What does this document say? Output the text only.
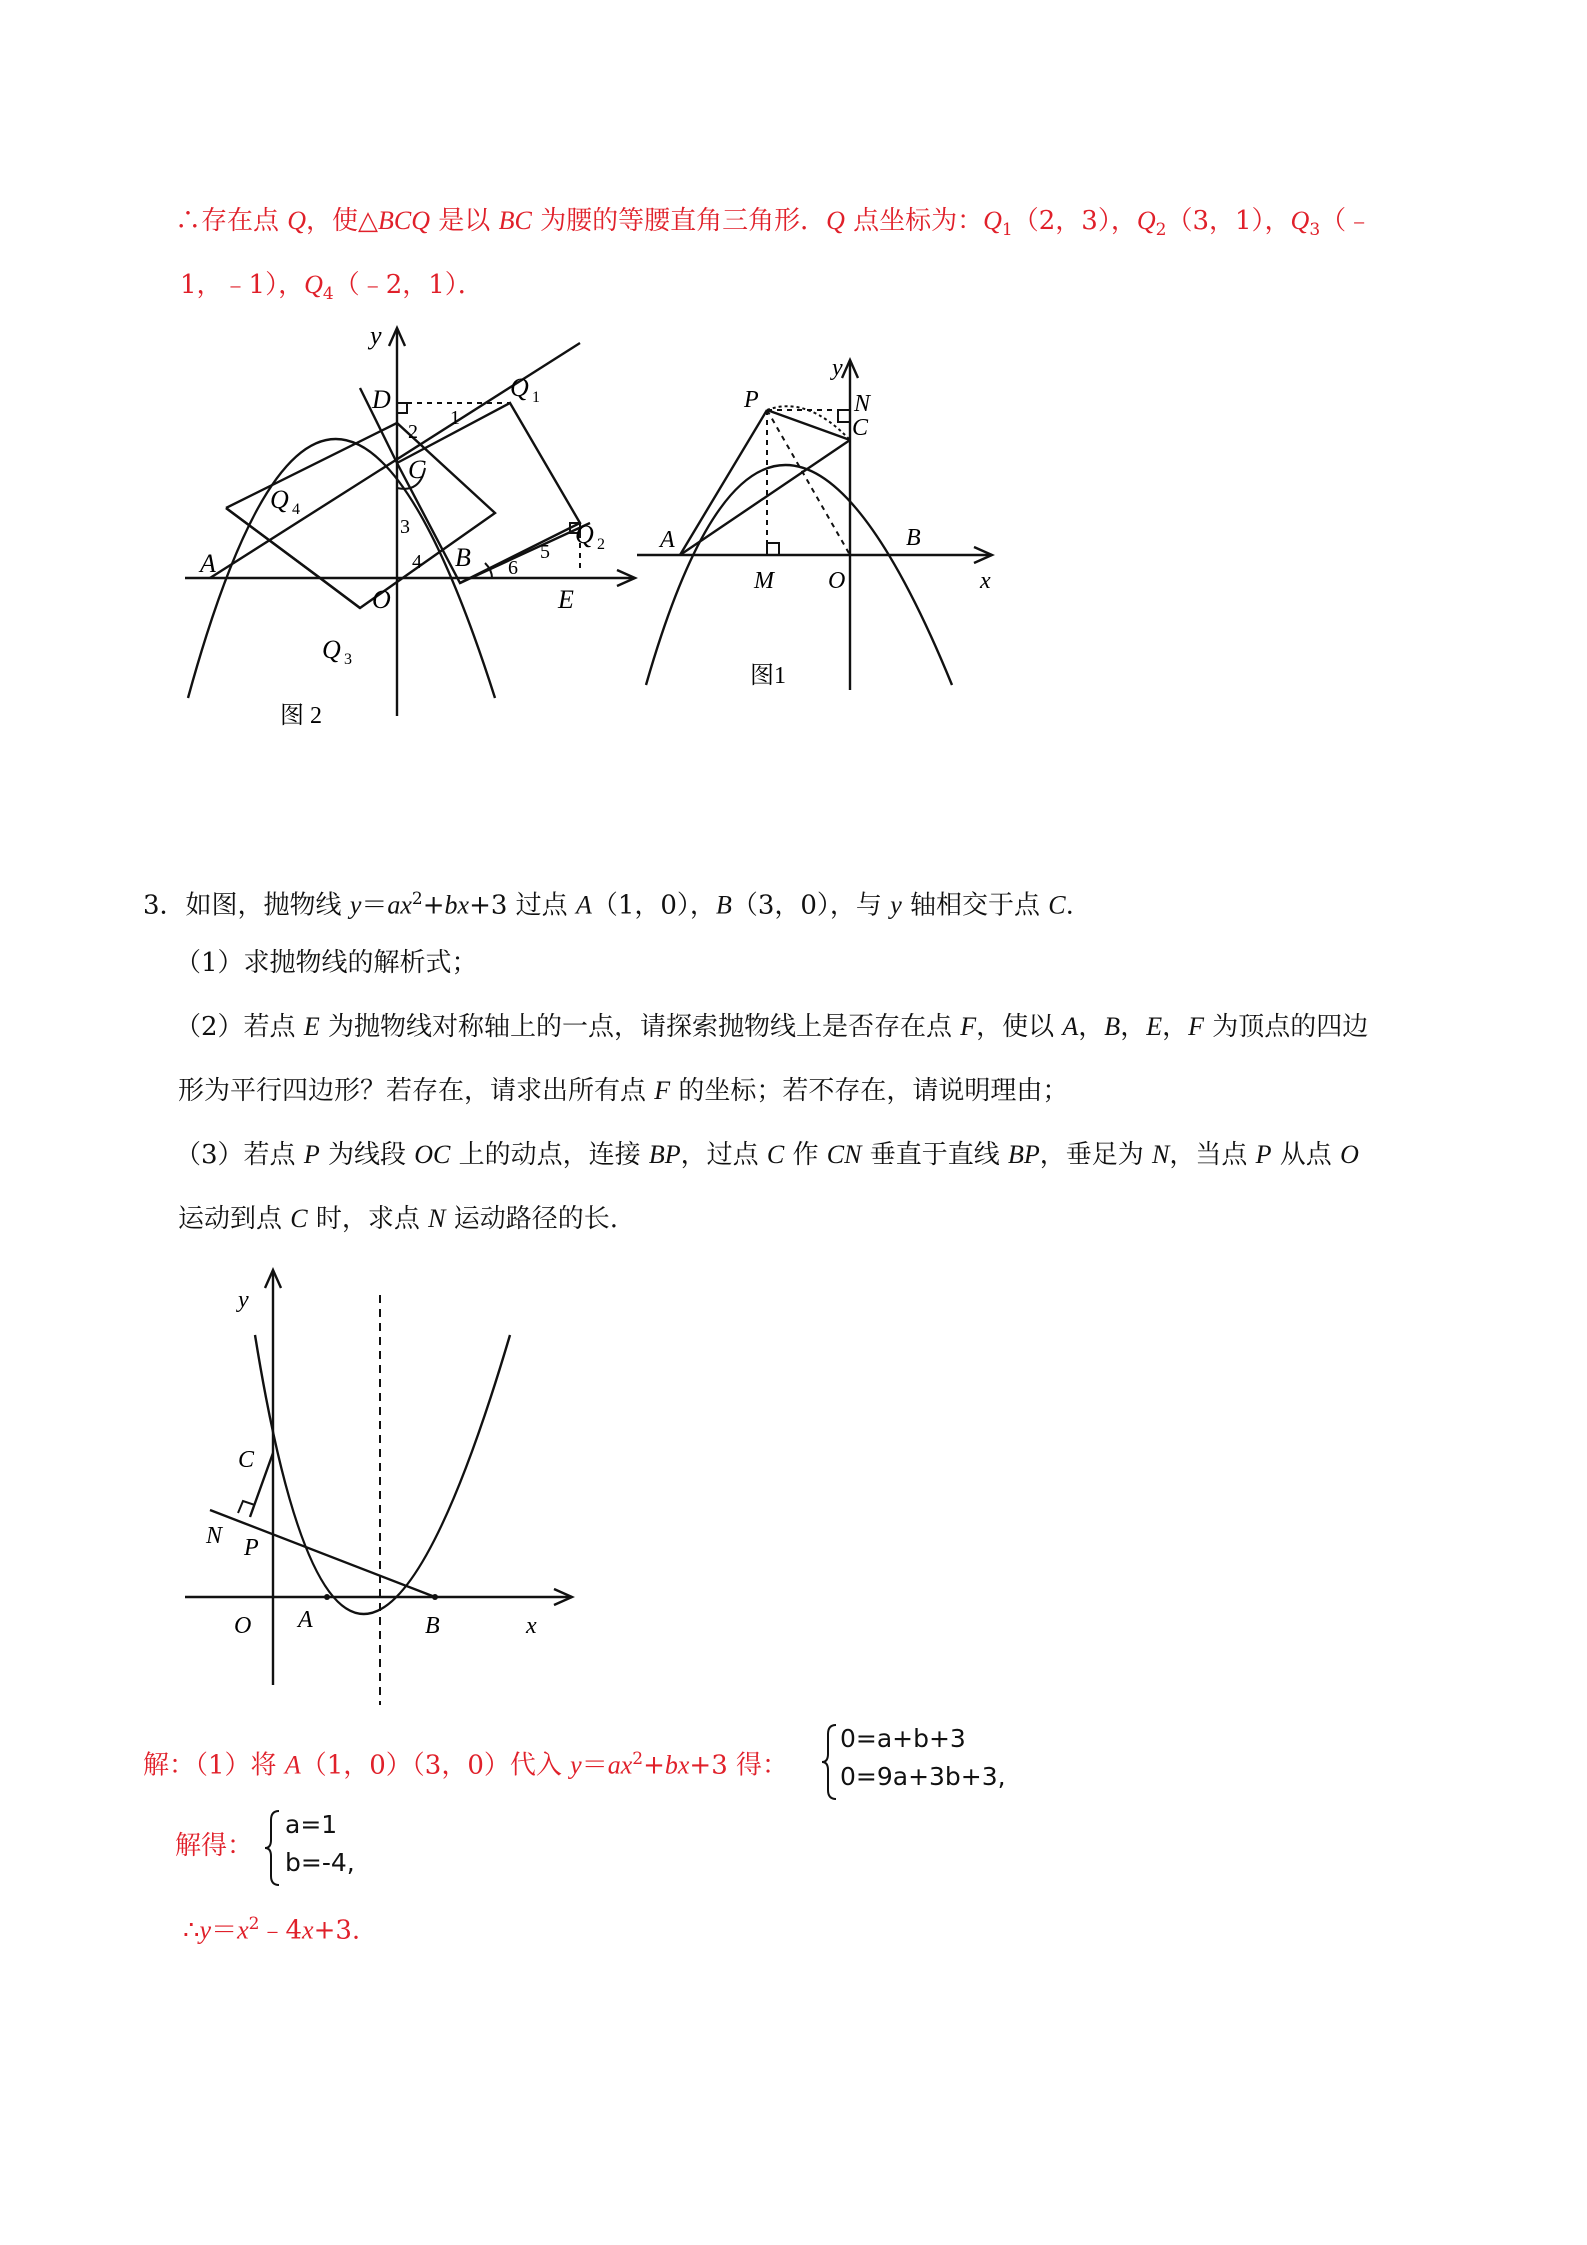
∴存在点 Q，使△BCQ 是以 BC 为腰的等腰直角三角形．Q 点坐标为：$Q_1(2$，3），$Q_2(3$，1），$Q_3(﹣$
1，﹣1），$Q_4(﹣2$，1）．
D
y
Q 1
1
2
C
Q 4
3
A	4 B	5
Q 2
6
O	E
Q 3
图 2
y
P	N
C
A	B
M O	x
图1
3．如图，抛物线 $y=ax^2+bx+3$ 过点 A（1，0），B（3，0），与 y 轴相交于点 C.
（1）求抛物线的解析式；
（2）若点 E 为抛物线对称轴上的一点，请探索抛物线上是否存在点 F，使以 A，B，E，F 为顶点的四边
形为平行四边形？若存在，请求出所有点 F 的坐标；若不存在，请说明理由；
（3）若点 P 为线段 OC 上的动点，连接 BP，过点 C 作 CN 垂直于直线 BP，垂足为 N，当点 P 从点 O
运动到点 C 时，求点 N 运动路径的长.
y
C
N P
O A	B	x
解：（1）将 A（1，0）（3，0）代入 $y=ax^2+bx+3$ 得：
0=a+b+3
0=9a+3b+3,
解得：
a=1
b=-4,
$\therefore y=x^2﹣4x+3$.
